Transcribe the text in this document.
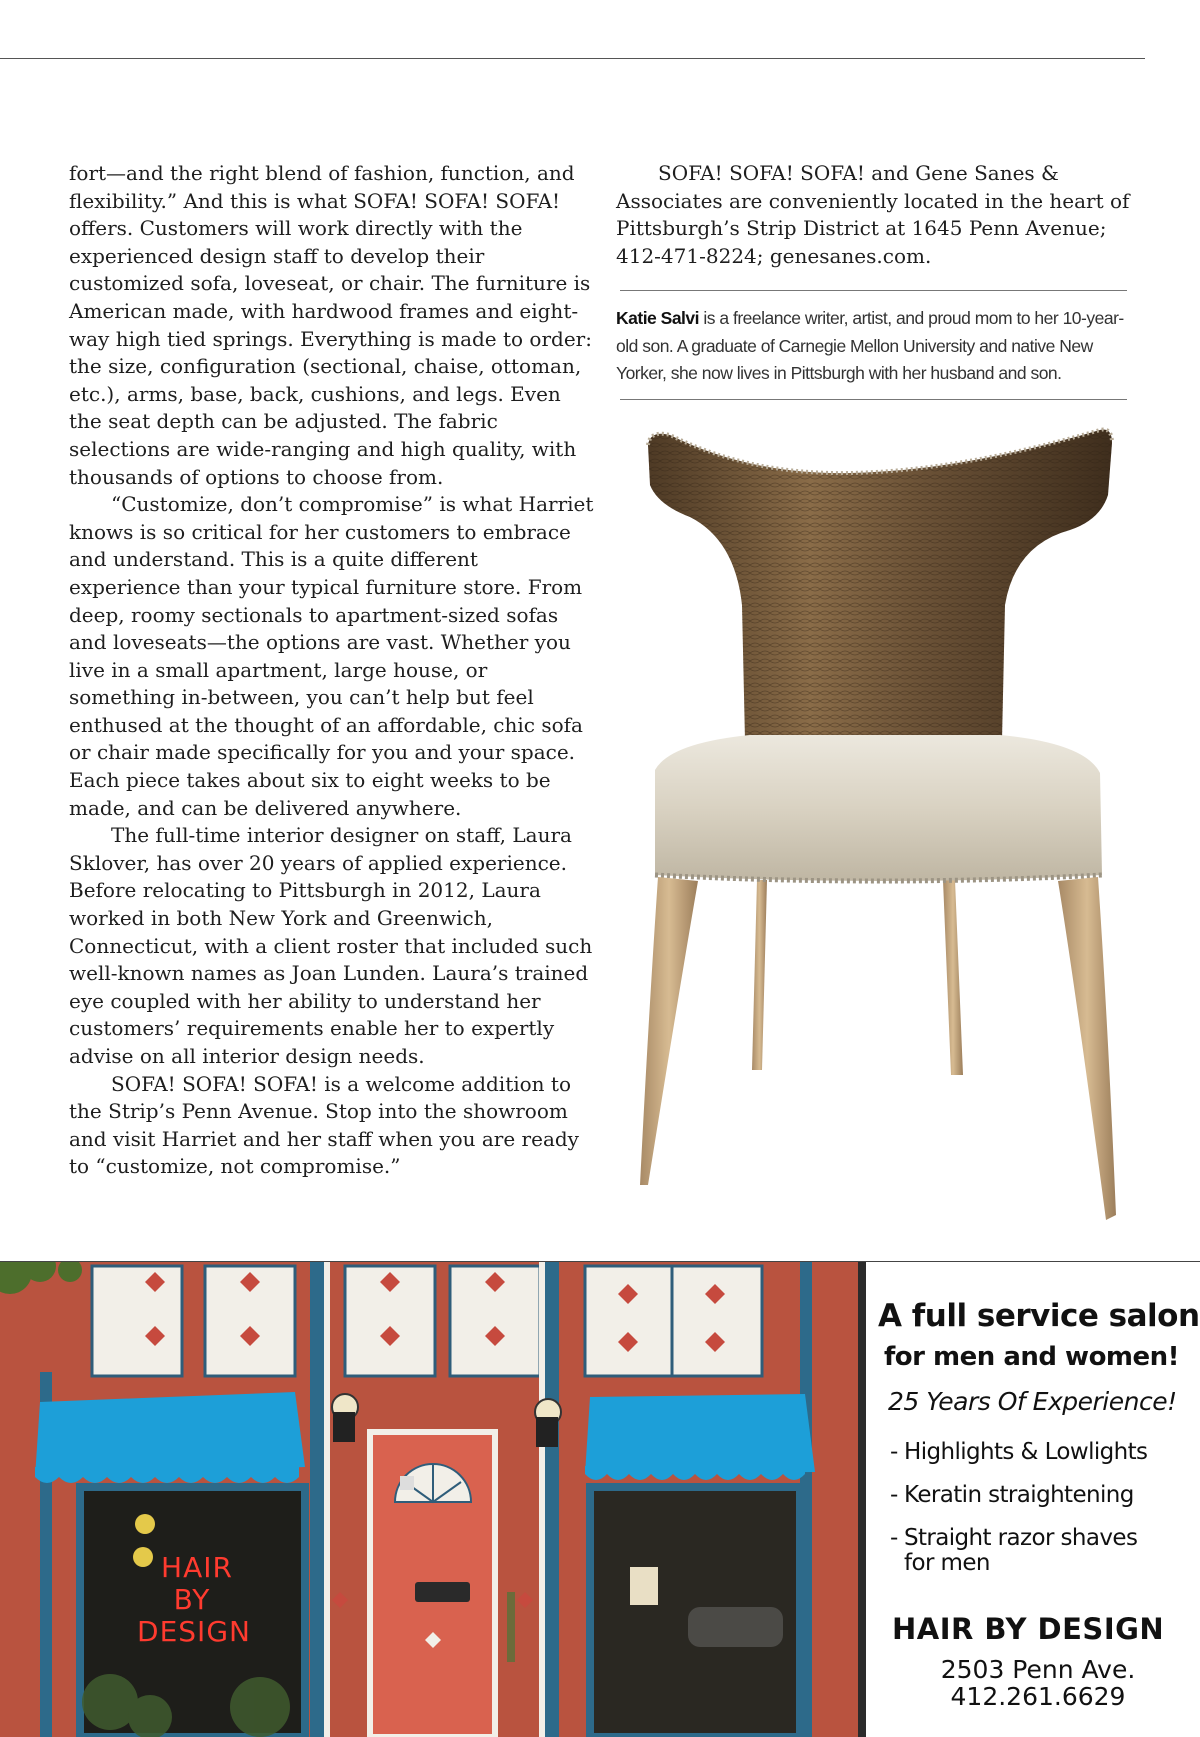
fort—and the right blend of fashion, function, and flexibility.” And this is what SOFA! SOFA! SOFA! offers. Customers will work directly with the experienced design staff to develop their customized sofa, loveseat, or chair. The furniture is American made, with hardwood frames and eight-way high tied springs. Everything is made to order: the size, configuration (sectional, chaise, ottoman, etc.), arms, base, back, cushions, and legs. Even the seat depth can be adjusted. The fabric selections are wide-ranging and high quality, with thousands of options to choose from.

“Customize, don’t compromise” is what Harriet knows is so critical for her customers to embrace and understand. This is a quite different experience than your typical furniture store. From deep, roomy sectionals to apartment-sized sofas and loveseats—the options are vast. Whether you live in a small apartment, large house, or something in-between, you can’t help but feel enthused at the thought of an affordable, chic sofa or chair made specifically for you and your space. Each piece takes about six to eight weeks to be made, and can be delivered anywhere.

The full-time interior designer on staff, Laura Sklover, has over 20 years of applied experience. Before relocating to Pittsburgh in 2012, Laura worked in both New York and Greenwich, Connecticut, with a client roster that included such well-known names as Joan Lunden. Laura’s trained eye coupled with her ability to understand her customers’ requirements enable her to expertly advise on all interior design needs.

SOFA! SOFA! SOFA! is a welcome addition to the Strip’s Penn Avenue. Stop into the showroom and visit Harriet and her staff when you are ready to “customize, not compromise.”

SOFA! SOFA! SOFA! and Gene Sanes & Associates are conveniently located in the heart of Pittsburgh’s Strip District at 1645 Penn Avenue; 412-471-8224; genesanes.com.

Katie Salvi is a freelance writer, artist, and proud mom to her 10-year-old son. A graduate of Carnegie Mellon University and native New Yorker, she now lives in Pittsburgh with her husband and son.
HAIR
BY
DESIGN
A full service salon
for men and women!
25 Years Of Experience!
- Highlights & Lowlights
- Keratin straightening
- Straight razor shaves
for men
HAIR BY DESIGN
2503 Penn Ave.
412.261.6629
